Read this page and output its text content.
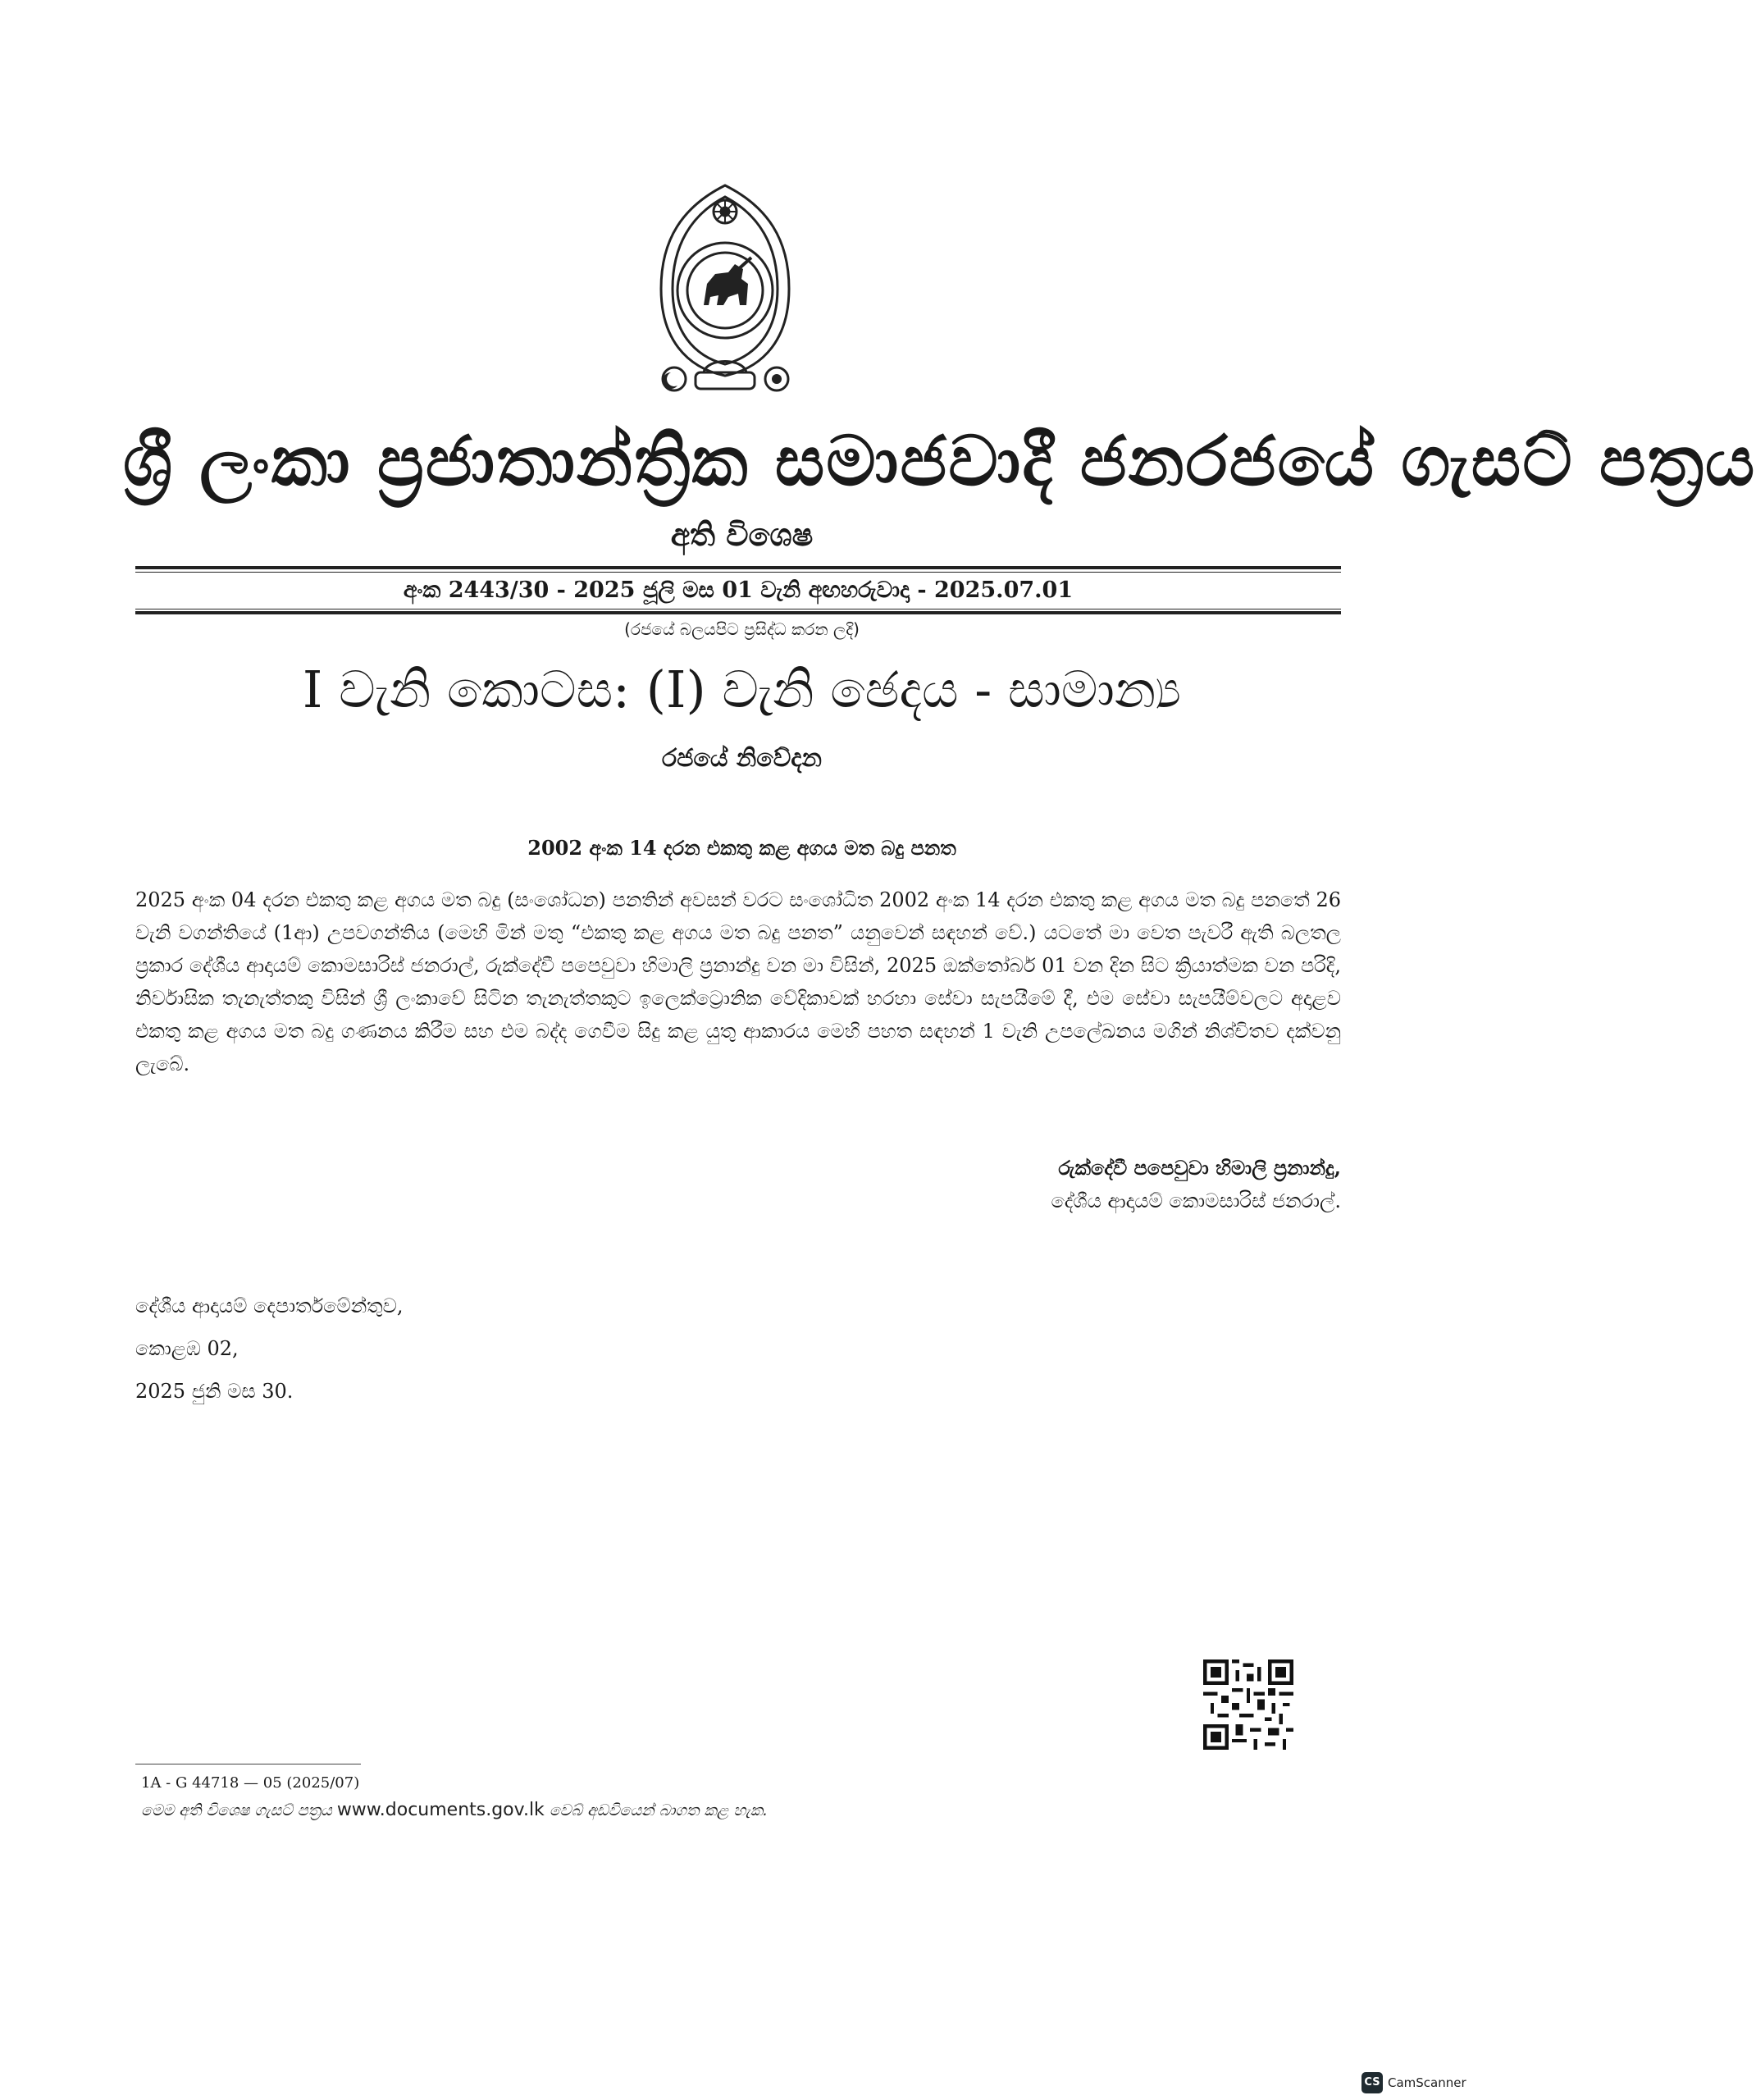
ශ්‍රී ලංකා ප්‍රජාතාන්ත්‍රික සමාජවාදී ජනරජයේ ගැසට් පත්‍රය
අති විශෙෂ
අංක 2443/30 - 2025 ජූලි මස 01 වැනි අඟහරුවාදා - 2025.07.01
(රජයේ බලයපිට ප්‍රසිද්ධ කරන ලදි)
I වැනි කොටස: (I) වැනි ඡෙදය - සාමාන්‍ය
රජයේ නිවේදන
2002 අංක 14 දරන එකතු කළ අගය මත බදු පනත
2025 අංක 04 දරන එකතු කළ අගය මත බදු (සංශෝධන) පනතින් අවසන් වරට සංශෝධිත 2002 අංක 14 දරන එකතු කළ අගය මත බදු පනතේ 26 වැනි වගන්තියේ (1ආ) උපවගන්තිය (මෙහි මින් මතු “එකතු කළ අගය මත බදු පනත” යනුවෙන් සඳහන් වේ.) යටතේ මා වෙත පැවරී ඇති බලතල ප්‍රකාර දේශීය ආදායම් කොමසාරිස් ජනරාල්, රුක්දේවී පපෙවුවා හිමාලි ප්‍රනාන්දු වන මා විසින්, 2025 ඔක්තෝබර් 01 වන දින සිට ක්‍රියාත්මක වන පරිදි, නිර්වාසික තැනැත්තකු විසින් ශ්‍රී ලංකාවේ සිටින තැනැත්තකුට ඉලෙක්ට්‍රොනික වේදිකාවක් හරහා සේවා සැපයීමේ දී, එම සේවා සැපයීම්වලට අදාළව එකතු කළ අගය මත බදු ගණනය කිරීම සහ එම බද්ද ගෙවීම සිදු කළ යුතු ආකාරය මෙහි පහත සඳහන් 1 වැනි උපලේඛනය මගින් නිශ්චිතව දක්වනු ලැබේ.
රුක්දේවී පපෙවුවා හිමාලි ප්‍රනාන්දු,
දේශීය ආදායම් කොමසාරිස් ජනරාල්.
දේශීය ආදායම් දෙපාර්තමේන්තුව,
කොළඹ 02,
2025 ජුනි මස 30.
1A - G 44718 — 05 (2025/07)
මෙම අති විශෙෂ ගැසට් පත්‍රය www.documents.gov.lk වෙබ් අඩවියෙන් බාගත කළ හැක.
CS CamScanner
